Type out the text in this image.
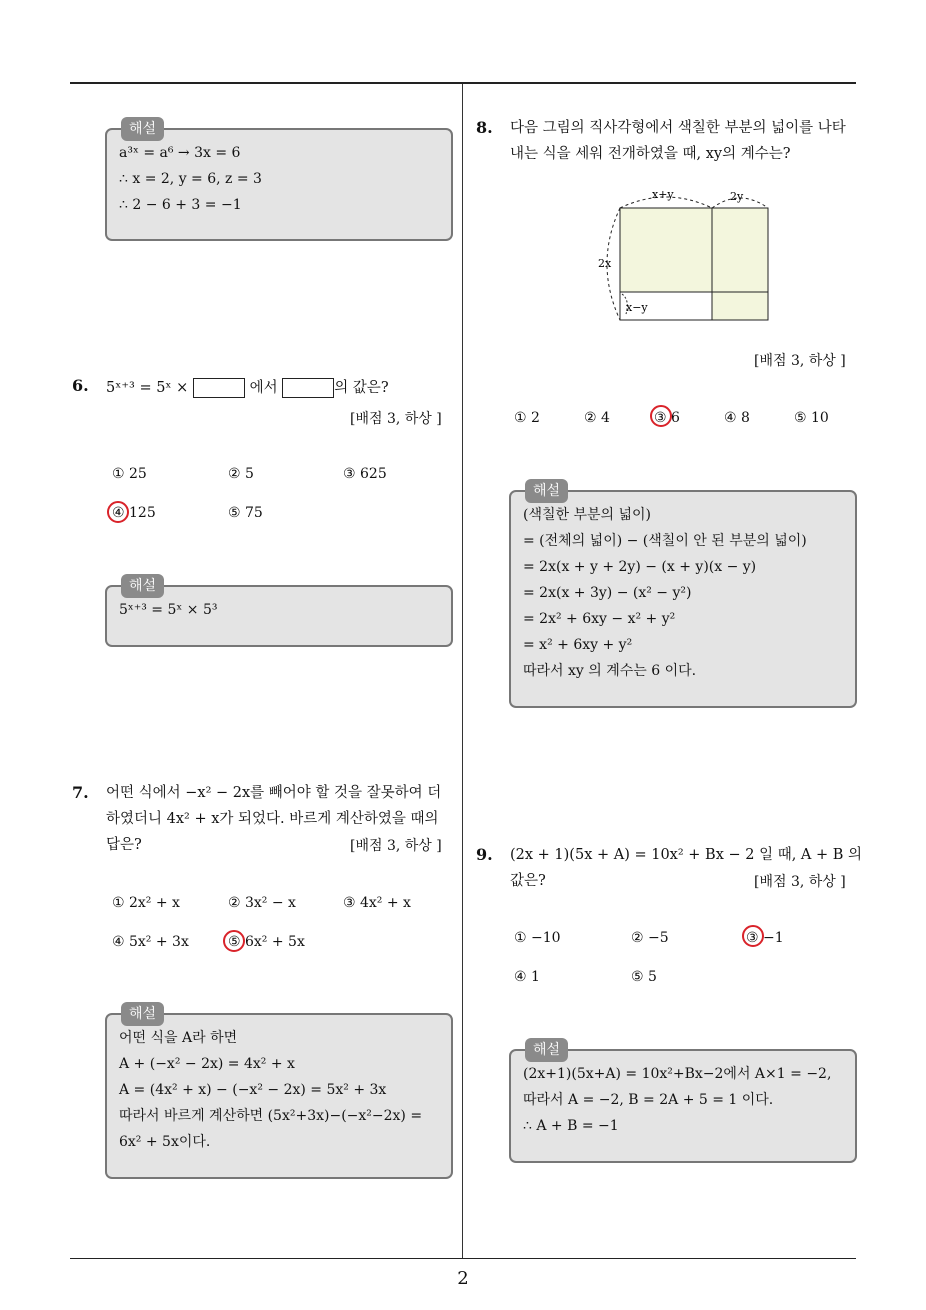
해설
a³ˣ = a⁶ → 3x = 6
∴ x = 2, y = 6, z = 3
∴ 2 − 6 + 3 = −1
6. 5ˣ⁺³ = 5ˣ ×	에서	의 값은?
[배점 3, 하상 ]
① 25	② 5	③ 625
④ 125	⑤ 75
해설
5ˣ⁺³ = 5ˣ × 5³
7. 어떤 식에서 −x² − 2x를 빼어야 할 것을 잘못하여 더
하였더니 4x² + x가 되었다. 바르게 계산하였을 때의
답은?	[배점 3, 하상 ]
① 2x² + x	② 3x² − x	③ 4x² + x
④ 5x² + 3x	⑤ 6x² + 5x
해설
어떤 식을 A라 하면
A + (−x² − 2x) = 4x² + x
A = (4x² + x) − (−x² − 2x) = 5x² + 3x
따라서 바르게 계산하면 (5x²+3x)−(−x²−2x) =
6x² + 5x이다.
8. 다음 그림의 직사각형에서 색칠한 부분의 넓이를 나타
내는 식을 세워 전개하였을 때, xy의 계수는?
x+y	2y
2x
x−y
[배점 3, 하상 ]
① 2	② 4	③ 6	④ 8	⑤ 10
해설
(색칠한 부분의 넓이)
= (전체의 넓이) − (색칠이 안 된 부분의 넓이)
= 2x(x + y + 2y) − (x + y)(x − y)
= 2x(x + 3y) − (x² − y²)
= 2x² + 6xy − x² + y²
= x² + 6xy + y²
따라서 xy 의 계수는 6 이다.
9. (2x + 1)(5x + A) = 10x² + Bx − 2 일 때, A + B 의
값은?	[배점 3, 하상 ]
① −10	② −5	③ −1
④ 1	⑤ 5
해설
(2x+1)(5x+A) = 10x²+Bx−2에서 A×1 = −2,
따라서 A = −2, B = 2A + 5 = 1 이다.
∴ A + B = −1
2
